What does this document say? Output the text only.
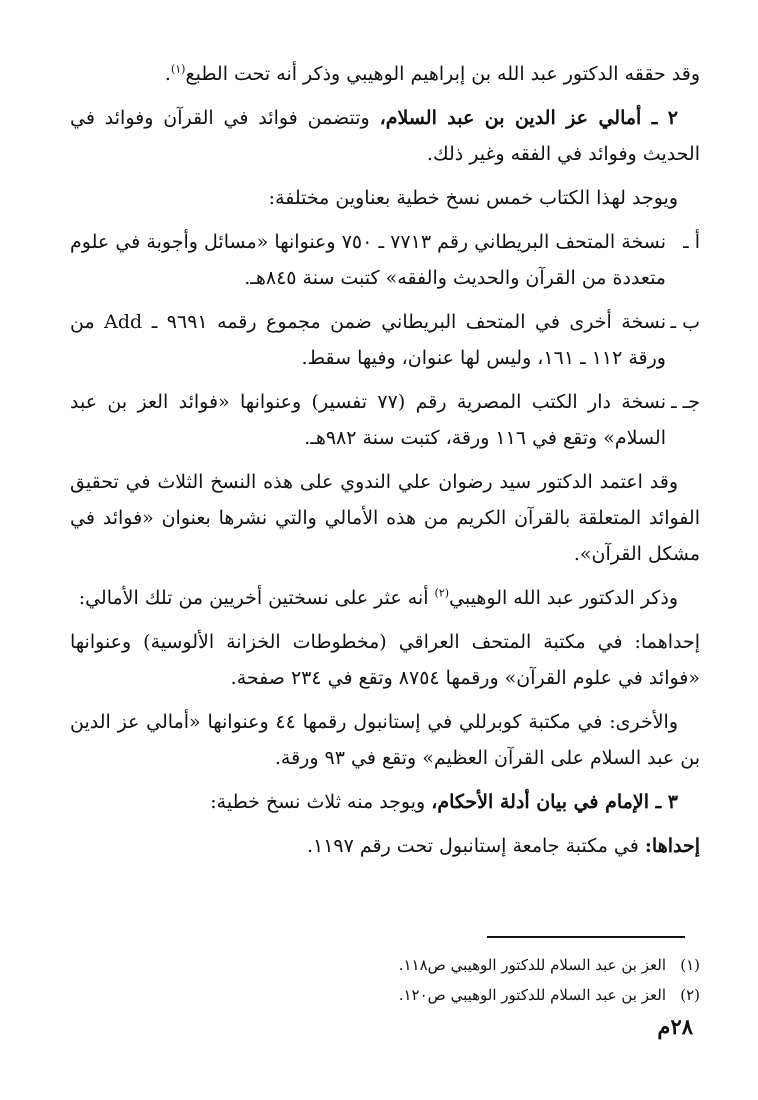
وقد حققه الدكتور عبد الله بن إبراهيم الوهيبي وذكر أنه تحت الطبع$^{(١)}$.

٢ ـ أمالي عز الدين بن عبد السلام، وتتضمن فوائد في القرآن وفوائد في الحديث وفوائد في الفقه وغير ذلك.

ويوجد لهذا الكتاب خمس نسخ خطية بعناوين مختلفة:

أ ـنسخة المتحف البريطاني رقم ٧٧١٣ ـ ٧٥٠ وعنوانها «مسائل وأجوبة في علوم متعددة من القرآن والحديث والفقه» كتبت سنة ٨٤٥هـ.

ب ـنسخة أخرى في المتحف البريطاني ضمن مجموع رقمه ٩٦٩١ ـ Add من ورقة ١١٢ ـ ١٦١، وليس لها عنوان، وفيها سقط.

جـ ـنسخة دار الكتب المصرية رقم (٧٧ تفسير) وعنوانها «فوائد العز بن عبد السلام» وتقع في ١١٦ ورقة، كتبت سنة ٩٨٢هـ.

وقد اعتمد الدكتور سيد رضوان علي الندوي على هذه النسخ الثلاث في تحقيق الفوائد المتعلقة بالقرآن الكريم من هذه الأمالي والتي نشرها بعنوان «فوائد في مشكل القرآن».

وذكر الدكتور عبد الله الوهيبي$^{(٢)}$ أنه عثر على نسختين أخريين من تلك الأمالي:

إحداهما: في مكتبة المتحف العراقي (مخطوطات الخزانة الألوسية) وعنوانها «فوائد في علوم القرآن» ورقمها ٨٧٥٤ وتقع في ٢٣٤ صفحة.

والأخرى: في مكتبة كوبرللي في إستانبول رقمها ٤٤ وعنوانها «أمالي عز الدين بن عبد السلام على القرآن العظيم» وتقع في ٩٣ ورقة.

٣ ـ الإمام في بيان أدلة الأحكام، ويوجد منه ثلاث نسخ خطية:

إحداها: في مكتبة جامعة إستانبول تحت رقم ١١٩٧.

(١)العز بن عبد السلام للدكتور الوهيبي ص١١٨.

(٢)العز بن عبد السلام للدكتور الوهيبي ص١٢٠.

٢٨م
